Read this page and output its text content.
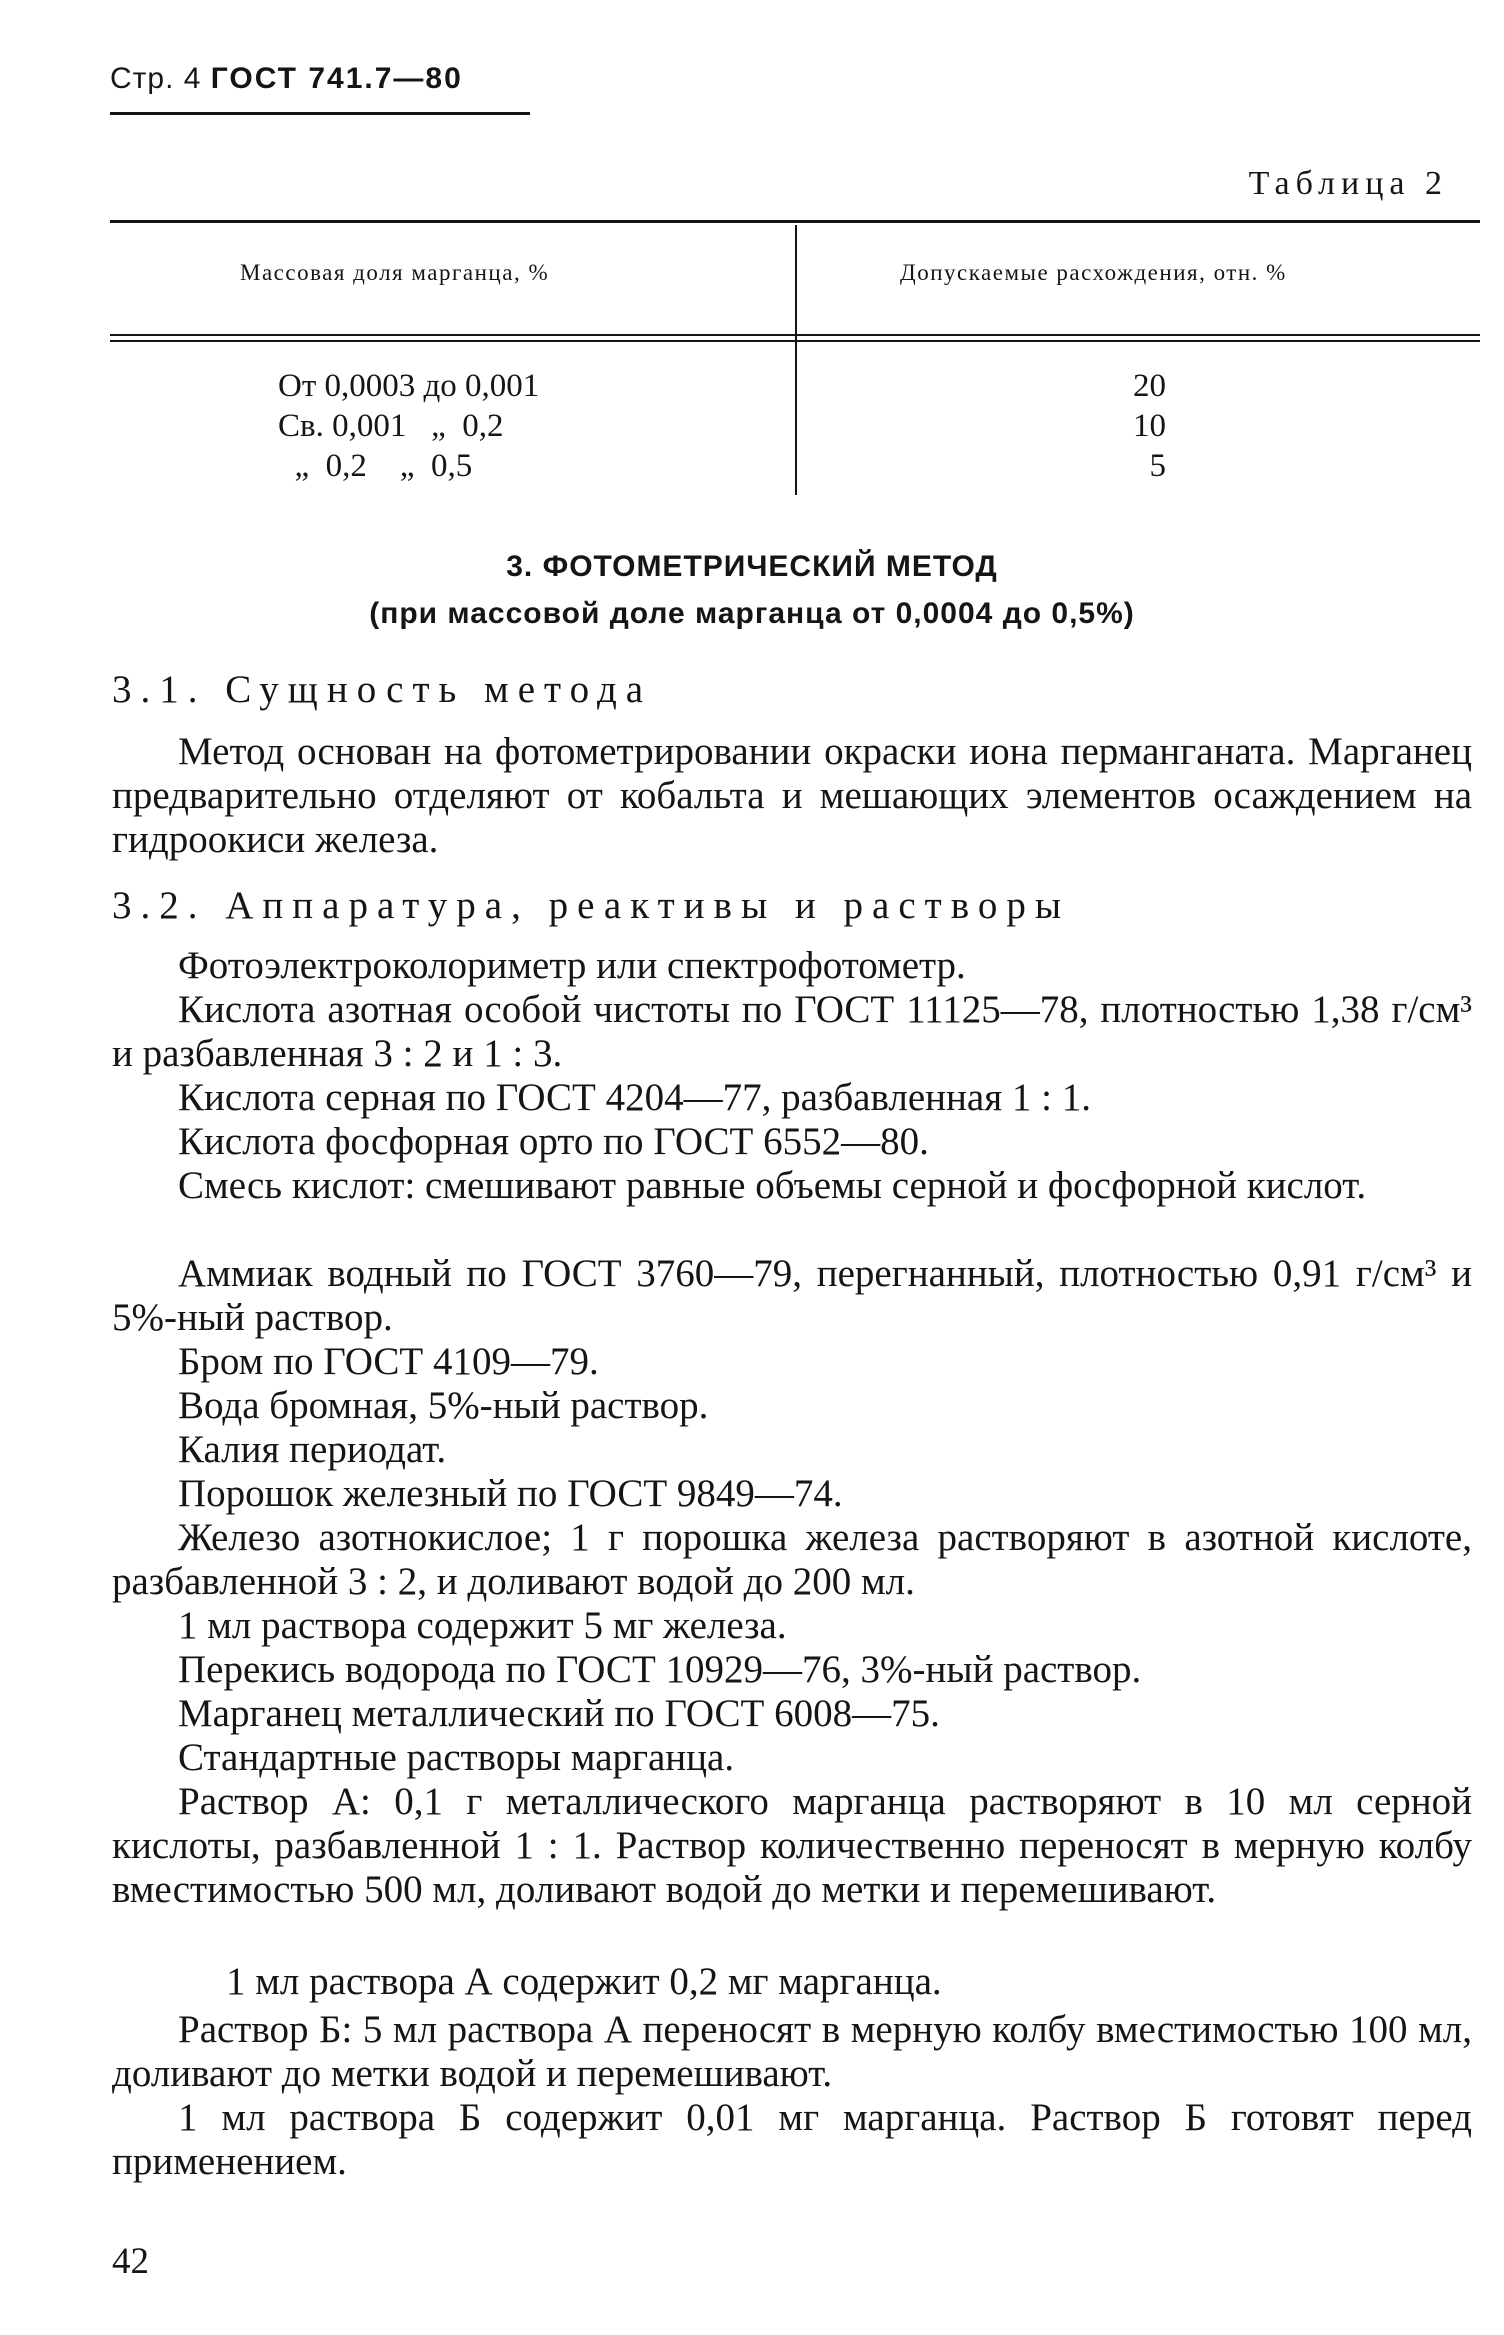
Стр. 4 ГОСТ 741.7—80
Таблица 2
Массовая доля марганца, %	Допускаемые расхождения, отн. %
От 0,0003 до 0,001
Св. 0,001   „  0,2
„  0,2    „  0,5
20
10
5
3. ФОТОМЕТРИЧЕСКИЙ МЕТОД
(при массовой доле марганца от 0,0004 до 0,5%)
3.1. Сущность метода
Метод основан на фотометрировании окраски иона перманганата. Марганец предварительно отделяют от кобальта и мешающих элементов осаждением на гидроокиси железа.
3.2. Аппаратура, реактивы и растворы
Фотоэлектроколориметр или спектрофотометр.
Кислота азотная особой чистоты по ГОСТ 11125—78, плотностью 1,38 г/см³ и разбавленная 3 : 2 и 1 : 3.
Кислота серная по ГОСТ 4204—77, разбавленная 1 : 1.
Кислота фосфорная орто по ГОСТ 6552—80.
Смесь кислот: смешивают равные объемы серной и фосфорной кислот.
Аммиак водный по ГОСТ 3760—79, перегнанный, плотностью 0,91 г/см³ и 5%-ный раствор.
Бром по ГОСТ 4109—79.
Вода бромная, 5%-ный раствор.
Калия периодат.
Порошок железный по ГОСТ 9849—74.
Железо азотнокислое; 1 г порошка железа растворяют в азотной кислоте, разбавленной 3 : 2, и доливают водой до 200 мл.
1 мл раствора содержит 5 мг железа.
Перекись водорода по ГОСТ 10929—76, 3%-ный раствор.
Марганец металлический по ГОСТ 6008—75.
Стандартные растворы марганца.
Раствор А: 0,1 г металлического марганца растворяют в 10 мл серной кислоты, разбавленной 1 : 1. Раствор количественно переносят в мерную колбу вместимостью 500 мл, доливают водой до метки и перемешивают.
1 мл раствора А содержит 0,2 мг марганца.
Раствор Б: 5 мл раствора А переносят в мерную колбу вместимостью 100 мл, доливают до метки водой и перемешивают.
1 мл раствора Б содержит 0,01 мг марганца. Раствор Б готовят перед применением.
42
